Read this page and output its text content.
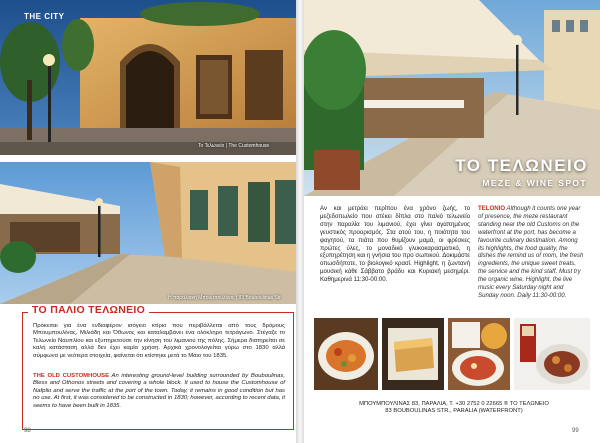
THE CITY
Το Τελωνείο | The Customhouse
Η παραλιακή Μπουμπουλίνας | 83 Bouboulinas Str.
ΤΟ ΠΑΛΙΟ ΤΕΛΩΝΕΙΟ
Πρόκειται για ένα ενδιαφέρον ισόγειο κτίριο που περιβάλλεται από τους δρόμους Μπουμπουλίνας, Μιλιάδη και Όθωνος και καταλαμβάνει ένα ολόκληρο τετράγωνο. Στέγαζε το Τελωνείο Ναυπλίου και εξυπηρετούσε την κίνηση του λιμανιού της πόλης. Σήμερα διατηρείται σε καλή κατάσταση αλλά δεν έχει καμία χρήση. Αρχικά χρονολογείται γύρω στο 1830 αλλά σύμφωνα με νεότερα στοιχεία, φαίνεται ότι κτίστηκε μετά το Μάιο του 1835.
THE OLD CUSTOMHOUSE An interesting ground-level building surrounded by Bouboulinas, Bless and Othonos streets and covering a whole block. It used to house the Customhouse of Nafplio and serve the traffic at the port of the town. Today, it remains in good condition but has no use. At first, it was considered to be constructed in 1830; however, according to recent data, it seems to have been built in 1835.
98
ΤΟ ΤΕΛΩΝΕΙΟ
MEZE & WINE SPOT
Αν και μετράει περίπου ένα χρόνο ζωής, το μεζεδοπωλείο που στέκει δίπλα στο παλιό τελωνείο στην παραλία του λιμανιού, έχει γίνει αγαπημένος γευστικός προορισμός. Στα ατού του, η ποιότητα του φαγητού, τα πιάτα που θυμίζουν μαμά, οι φρέσκες πρώτες ύλες, το μοναδικό γλυκοκαρασματικό, η εξυπηρέτηση και η γνήσια του προ σωπικού. Δοκιμάστε οπωσδήποτε, το βιολογικό κρασί. Highlight, η ζωντανή μουσική κάθε Σάββατο βράδυ και Κυριακή μεσημέρι. Καθημερινά 11:30-00:00.
TELONIO Although it counts one year of presence, the meze restaurant standing near the old Customs on the waterfront at the port, has become a favourite culinary destination. Among its highlights, the food quality, the dishes the remind us of mom, the fresh ingredients, the unique sweet treats, the service and the kind staff. Must try the organic wine. Highlight, the live music every Saturday night and Sunday noon. Daily 11:30-00:00.
ΜΠΟΥΜΠΟΥΛΙΝΑΣ 83, ΠΑΡΑΛΙΑ, Τ. +30 2752 0 22665 ® ΤΟ ΤΕΛΩΝΕΙΟ
83 BOUBOULINAS STR., PARALIA (WATERFRONT)
99
